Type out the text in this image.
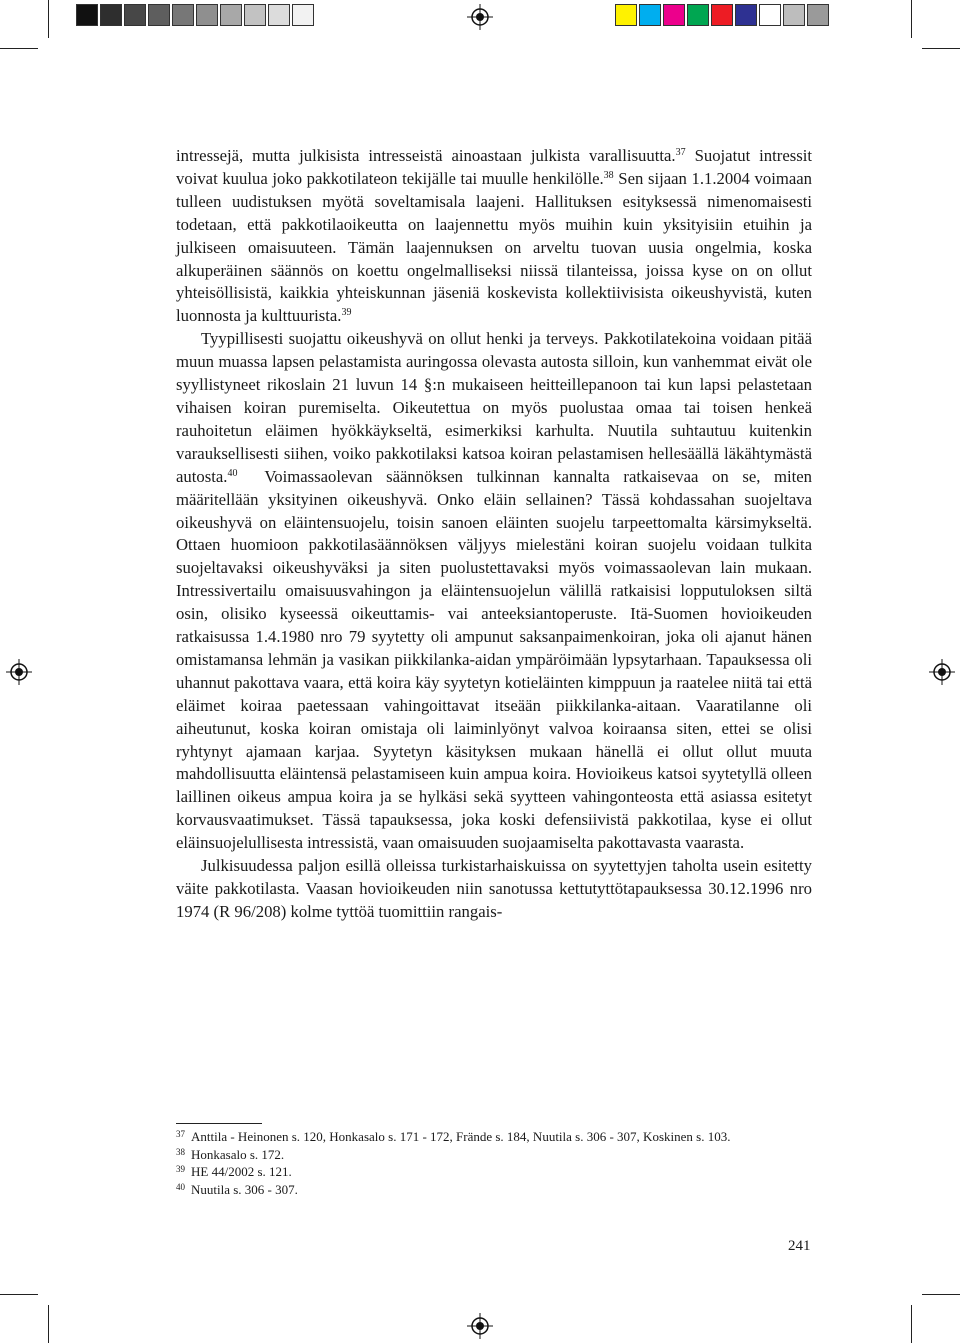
intressejä, mutta julkisista intresseistä ainoastaan julkista varallisuutta.$^{37}$ Suojatut intressit voivat kuulua joko pakkotilateon tekijälle tai muulle henkilölle.$^{38}$ Sen sijaan 1.1.2004 voimaan tulleen uudistuksen myötä soveltamisala laajeni. Hallituksen esityksessä nimenomaisesti todetaan, että pakkotilaoikeutta on laajennettu myös muihin kuin yksityisiin etuihin ja julkiseen omaisuuteen. Tämän laajennuksen on arveltu tuovan uusia ongelmia, koska alkuperäinen säännös on koettu ongelmalliseksi niissä tilanteissa, joissa kyse on on ollut yhteisöllisistä, kaikkia yhteiskunnan jäseniä koskevista kollektiivisista oikeushyvistä, kuten luonnosta ja kulttuurista.$^{39}$

Tyypillisesti suojattu oikeushyvä on ollut henki ja terveys. Pakkotilatekoina voidaan pitää muun muassa lapsen pelastamista auringossa olevasta autosta silloin, kun vanhemmat eivät ole syyllistyneet rikoslain 21 luvun 14 §:n mukaiseen heitteillepanoon tai kun lapsi pelastetaan vihaisen koiran puremiselta. Oikeutettua on myös puolustaa omaa tai toisen henkeä rauhoitetun eläimen hyökkäykseltä, esimerkiksi karhulta. Nuutila suhtautuu kuitenkin varauksellisesti siihen, voiko pakkotilaksi katsoa koiran pelastamisen hellesäällä läkähtymästä autosta.$^{40}$ Voimassaolevan säännöksen tulkinnan kannalta ratkaisevaa on se, miten määritellään yksityinen oikeushyvä. Onko eläin sellainen? Tässä kohdassahan suojeltava oikeushyvä on eläintensuojelu, toisin sanoen eläinten suojelu tarpeettomalta kärsimykseltä. Ottaen huomioon pakkotilasäännöksen väljyys mielestäni koiran suojelu voidaan tulkita suojeltavaksi oikeushyväksi ja siten puolustettavaksi myös voimassaolevan lain mukaan. Intressivertailu omaisuusvahingon ja eläintensuojelun välillä ratkaisisi lopputuloksen siltä osin, olisiko kyseessä oikeuttamis- vai anteeksiantoperuste. Itä-Suomen hovioikeuden ratkaisussa 1.4.1980 nro 79 syytetty oli ampunut saksanpaimenkoiran, joka oli ajanut hänen omistamansa lehmän ja vasikan piikkilanka-aidan ympäröimään lypsytarhaan. Tapauksessa oli uhannut pakottava vaara, että koira käy syytetyn kotieläinten kimppuun ja raatelee niitä tai että eläimet koiraa paetessaan vahingoittavat itseään piikkilanka-aitaan. Vaaratilanne oli aiheutunut, koska koiran omistaja oli laiminlyönyt valvoa koiraansa siten, ettei se olisi ryhtynyt ajamaan karjaa. Syytetyn käsityksen mukaan hänellä ei ollut ollut muuta mahdollisuutta eläintensä pelastamiseen kuin ampua koira. Hovioikeus katsoi syytetyllä olleen laillinen oikeus ampua koira ja se hylkäsi sekä syytteen vahingonteosta että asiassa esitetyt korvausvaatimukset. Tässä tapauksessa, joka koski defensiivistä pakkotilaa, kyse ei ollut eläinsuojelullisesta intressistä, vaan omaisuuden suojaamiselta pakottavasta vaarasta.

Julkisuudessa paljon esillä olleissa turkistarhaiskuissa on syytettyjen taholta usein esitetty väite pakkotilasta. Vaasan hovioikeuden niin sanotussa kettutyttötapauksessa 30.12.1996 nro 1974 (R 96/208) kolme tyttöä tuomittiin rangais-

37 Anttila - Heinonen s. 120, Honkasalo s. 171 - 172, Frände s. 184, Nuutila s. 306 - 307, Koskinen s. 103.
38 Honkasalo s. 172.
39 HE 44/2002 s. 121.
40 Nuutila s. 306 - 307.
241
